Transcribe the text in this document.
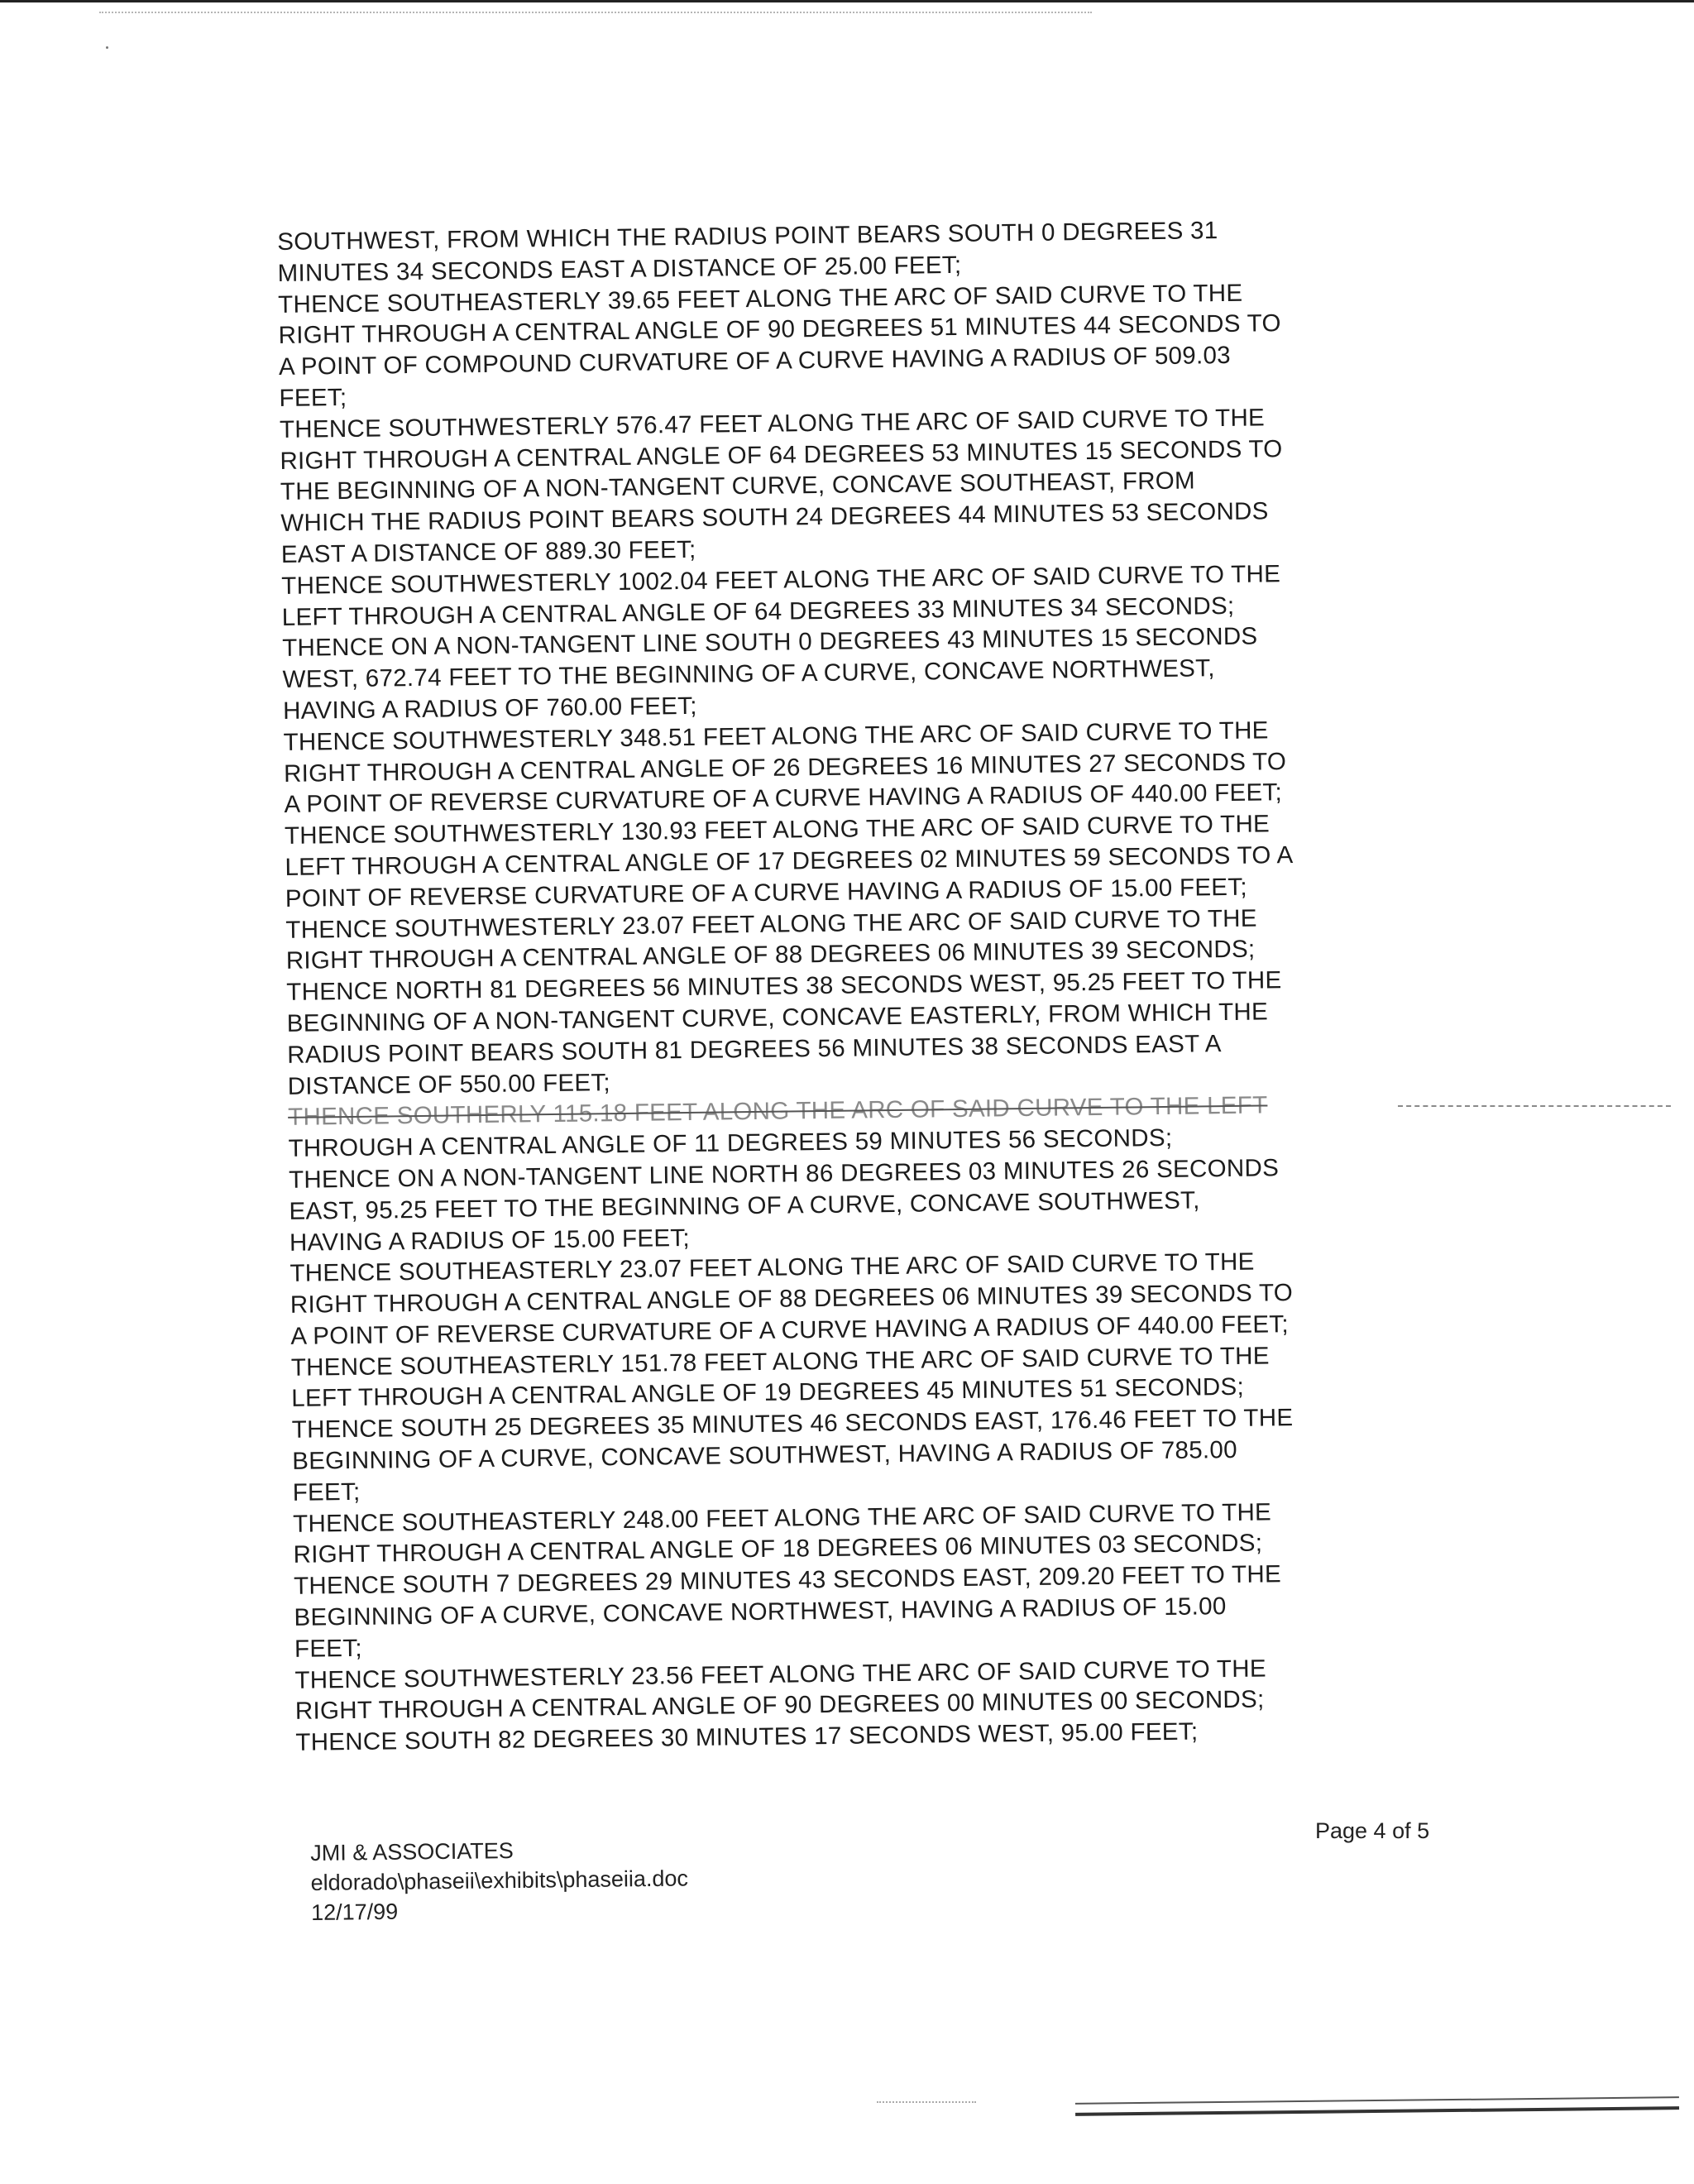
SOUTHWEST, FROM WHICH THE RADIUS POINT BEARS SOUTH 0 DEGREES 31
MINUTES 34 SECONDS EAST A DISTANCE OF 25.00 FEET;
THENCE SOUTHEASTERLY 39.65 FEET ALONG THE ARC OF SAID CURVE TO THE
RIGHT THROUGH A CENTRAL ANGLE OF 90 DEGREES 51 MINUTES 44 SECONDS TO
A POINT OF COMPOUND CURVATURE OF A CURVE HAVING A RADIUS OF 509.03
FEET;
THENCE SOUTHWESTERLY 576.47 FEET ALONG THE ARC OF SAID CURVE TO THE
RIGHT THROUGH A CENTRAL ANGLE OF 64 DEGREES 53 MINUTES 15 SECONDS TO
THE BEGINNING OF A NON-TANGENT CURVE, CONCAVE SOUTHEAST, FROM
WHICH THE RADIUS POINT BEARS SOUTH 24 DEGREES 44 MINUTES 53 SECONDS
EAST A DISTANCE OF 889.30 FEET;
THENCE SOUTHWESTERLY 1002.04 FEET ALONG THE ARC OF SAID CURVE TO THE
LEFT THROUGH A CENTRAL ANGLE OF 64 DEGREES 33 MINUTES 34 SECONDS;
THENCE ON A NON-TANGENT LINE SOUTH 0 DEGREES 43 MINUTES 15 SECONDS
WEST, 672.74 FEET TO THE BEGINNING OF A CURVE, CONCAVE NORTHWEST,
HAVING A RADIUS OF 760.00 FEET;
THENCE SOUTHWESTERLY 348.51 FEET ALONG THE ARC OF SAID CURVE TO THE
RIGHT THROUGH A CENTRAL ANGLE OF 26 DEGREES 16 MINUTES 27 SECONDS TO
A POINT OF REVERSE CURVATURE OF A CURVE HAVING A RADIUS OF 440.00 FEET;
THENCE SOUTHWESTERLY 130.93 FEET ALONG THE ARC OF SAID CURVE TO THE
LEFT THROUGH A CENTRAL ANGLE OF 17 DEGREES 02 MINUTES 59 SECONDS TO A
POINT OF REVERSE CURVATURE OF A CURVE HAVING A RADIUS OF 15.00 FEET;
THENCE SOUTHWESTERLY 23.07 FEET ALONG THE ARC OF SAID CURVE TO THE
RIGHT THROUGH A CENTRAL ANGLE OF 88 DEGREES 06 MINUTES 39 SECONDS;
THENCE NORTH 81 DEGREES 56 MINUTES 38 SECONDS WEST, 95.25 FEET TO THE
BEGINNING OF A NON-TANGENT CURVE, CONCAVE EASTERLY, FROM WHICH THE
RADIUS POINT BEARS SOUTH 81 DEGREES 56 MINUTES 38 SECONDS EAST A
DISTANCE OF 550.00 FEET;
THENCE SOUTHERLY 115.18 FEET ALONG THE ARC OF SAID CURVE TO THE LEFT
THROUGH A CENTRAL ANGLE OF 11 DEGREES 59 MINUTES 56 SECONDS;
THENCE ON A NON-TANGENT LINE NORTH 86 DEGREES 03 MINUTES 26 SECONDS
EAST, 95.25 FEET TO THE BEGINNING OF A CURVE, CONCAVE SOUTHWEST,
HAVING A RADIUS OF 15.00 FEET;
THENCE SOUTHEASTERLY 23.07 FEET ALONG THE ARC OF SAID CURVE TO THE
RIGHT THROUGH A CENTRAL ANGLE OF 88 DEGREES 06 MINUTES 39 SECONDS TO
A POINT OF REVERSE CURVATURE OF A CURVE HAVING A RADIUS OF 440.00 FEET;
THENCE SOUTHEASTERLY 151.78 FEET ALONG THE ARC OF SAID CURVE TO THE
LEFT THROUGH A CENTRAL ANGLE OF 19 DEGREES 45 MINUTES 51 SECONDS;
THENCE SOUTH 25 DEGREES 35 MINUTES 46 SECONDS EAST, 176.46 FEET TO THE
BEGINNING OF A CURVE, CONCAVE SOUTHWEST, HAVING A RADIUS OF 785.00
FEET;
THENCE SOUTHEASTERLY 248.00 FEET ALONG THE ARC OF SAID CURVE TO THE
RIGHT THROUGH A CENTRAL ANGLE OF 18 DEGREES 06 MINUTES 03 SECONDS;
THENCE SOUTH 7 DEGREES 29 MINUTES 43 SECONDS EAST, 209.20 FEET TO THE
BEGINNING OF A CURVE, CONCAVE NORTHWEST, HAVING A RADIUS OF 15.00
FEET;
THENCE SOUTHWESTERLY 23.56 FEET ALONG THE ARC OF SAID CURVE TO THE
RIGHT THROUGH A CENTRAL ANGLE OF 90 DEGREES 00 MINUTES 00 SECONDS;
THENCE SOUTH 82 DEGREES 30 MINUTES 17 SECONDS WEST, 95.00 FEET;
Page 4 of 5
JMI & ASSOCIATES
eldorado\phaseii\exhibits\phaseiia.doc
12/17/99
